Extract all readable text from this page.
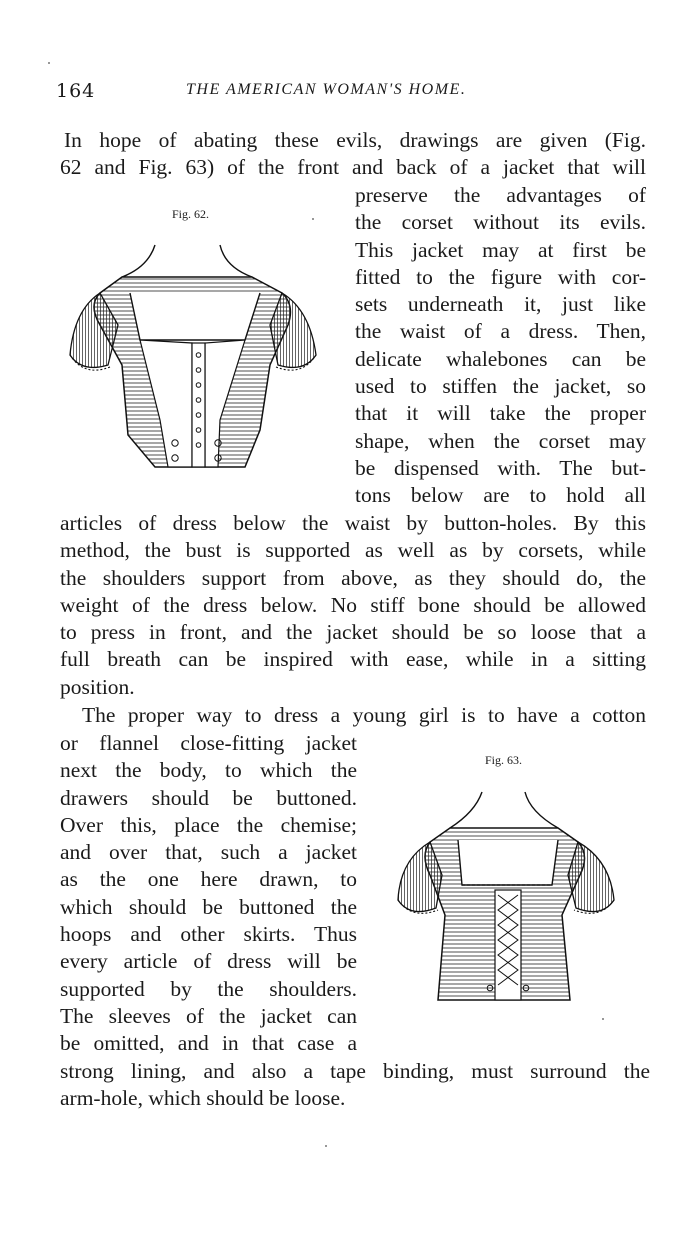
164	THE AMERICAN WOMAN'S HOME.
In hope of abating these evils, drawings are given (Fig.
62 and Fig. 63) of the front and back of a jacket that will
preserve the advantages of
the corset without its evils.
This jacket may at first be
fitted to the figure with cor-
sets underneath it, just like
the waist of a dress. Then,
delicate whalebones can be
used to stiffen the jacket, so
that it will take the proper
shape, when the corset may
be dispensed with. The but-
tons below are to hold all
articles of dress below the waist by button-holes. By this
method, the bust is supported as well as by corsets, while
the shoulders support from above, as they should do, the
weight of the dress below. No stiff bone should be allowed
to press in front, and the jacket should be so loose that a
full breath can be inspired with ease, while in a sitting
position.
The proper way to dress a young girl is to have a cotton
or flannel close-fitting jacket
next the body, to which the
drawers should be buttoned.
Over this, place the chemise;
and over that, such a jacket
as the one here drawn, to
which should be buttoned the
hoops and other skirts. Thus
every article of dress will be
supported by the shoulders.
The sleeves of the jacket can
be omitted, and in that case a
strong lining, and also a tape binding, must surround the
arm-hole, which should be loose.
Fig. 62.
Fig. 63.
